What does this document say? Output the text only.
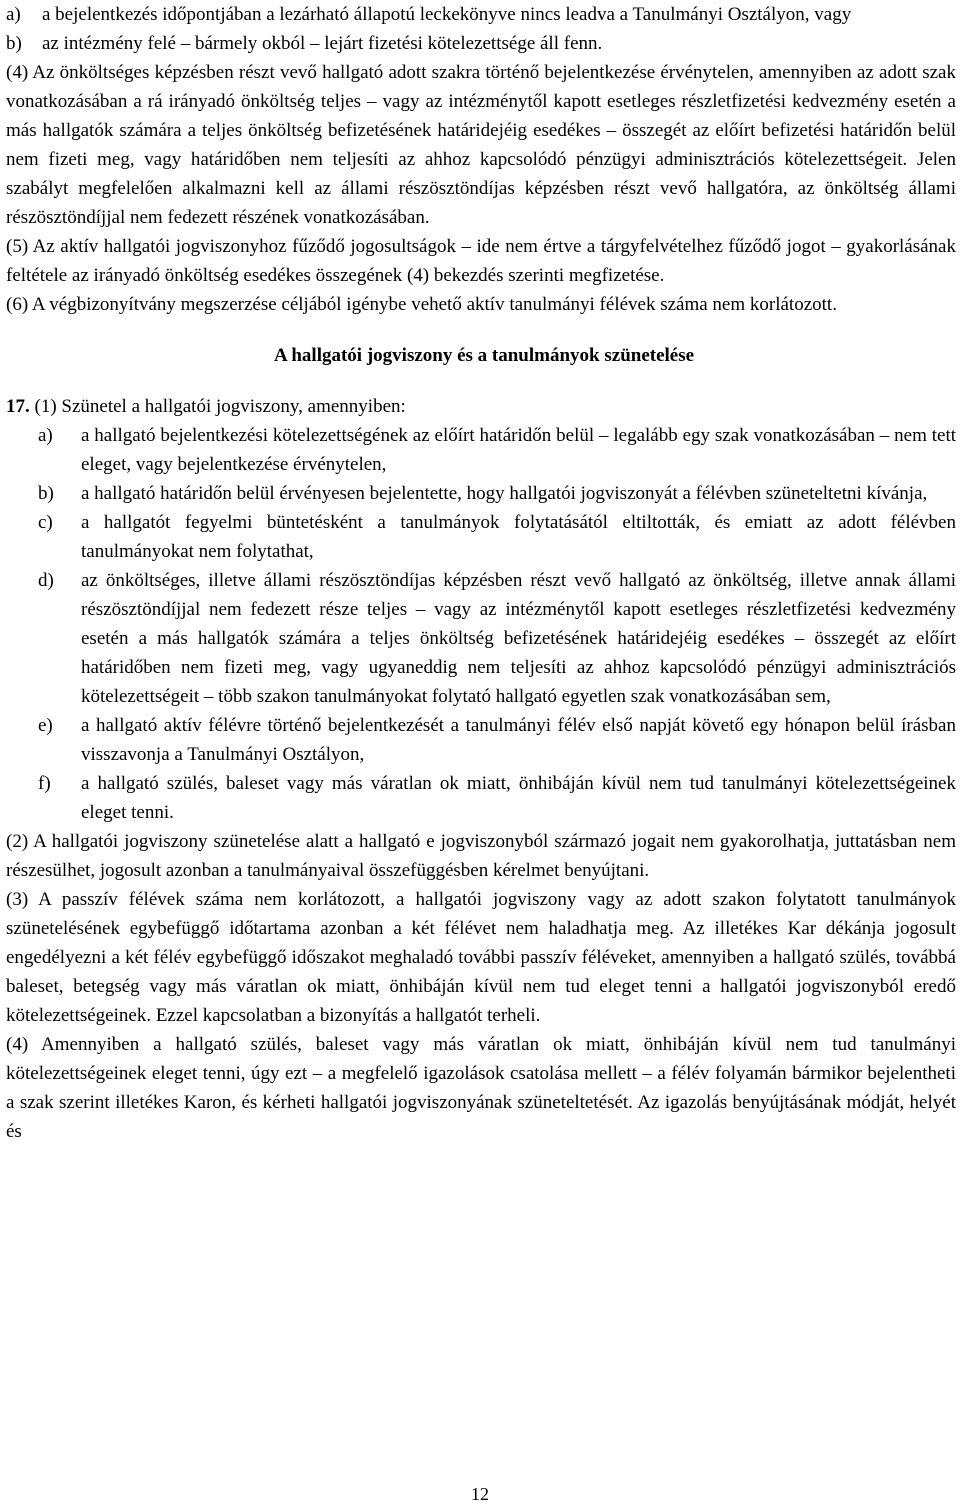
a)	a bejelentkezés időpontjában a lezárható állapotú leckekönyve nincs leadva a Tanulmányi Osztályon, vagy
b)	az intézmény felé – bármely okból – lejárt fizetési kötelezettsége áll fenn.

(4) Az önköltséges képzésben részt vevő hallgató adott szakra történő bejelentkezése érvénytelen, amennyiben az adott szak vonatkozásában a rá irányadó önköltség teljes – vagy az intézménytől kapott esetleges részletfizetési kedvezmény esetén a más hallgatók számára a teljes önköltség befizetésének határidejéig esedékes – összegét az előírt befizetési határidőn belül nem fizeti meg, vagy határidőben nem teljesíti az ahhoz kapcsolódó pénzügyi adminisztrációs kötelezettségeit. Jelen szabályt megfelelően alkalmazni kell az állami részösztöndíjas képzésben részt vevő hallgatóra, az önköltség állami részösztöndíjjal nem fedezett részének vonatkozásában.

(5) Az aktív hallgatói jogviszonyhoz fűződő jogosultságok – ide nem értve a tárgyfelvételhez fűződő jogot – gyakorlásának feltétele az irányadó önköltség esedékes összegének (4) bekezdés szerinti megfizetése.

(6) A végbizonyítvány megszerzése céljából igénybe vehető aktív tanulmányi félévek száma nem korlátozott.

A hallgatói jogviszony és a tanulmányok szünetelése

17. (1) Szünetel a hallgatói jogviszony, amennyiben:

a)	a hallgató bejelentkezési kötelezettségének az előírt határidőn belül – legalább egy szak vonatkozásában – nem tett eleget, vagy bejelentkezése érvénytelen,
b)	a hallgató határidőn belül érvényesen bejelentette, hogy hallgatói jogviszonyát a félévben szüneteltetni kívánja,
c)	a hallgatót fegyelmi büntetésként a tanulmányok folytatásától eltiltották, és emiatt az adott félévben tanulmányokat nem folytathat,
d)	az önköltséges, illetve állami részösztöndíjas képzésben részt vevő hallgató az önköltség, illetve annak állami részösztöndíjjal nem fedezett része teljes – vagy az intézménytől kapott esetleges részletfizetési kedvezmény esetén a más hallgatók számára a teljes önköltség befizetésének határidejéig esedékes – összegét az előírt határidőben nem fizeti meg, vagy ugyaneddig nem teljesíti az ahhoz kapcsolódó pénzügyi adminisztrációs kötelezettségeit – több szakon tanulmányokat folytató hallgató egyetlen szak vonatkozásában sem,
e)	a hallgató aktív félévre történő bejelentkezését a tanulmányi félév első napját követő egy hónapon belül írásban visszavonja a Tanulmányi Osztályon,
f)	a hallgató szülés, baleset vagy más váratlan ok miatt, önhibáján kívül nem tud tanulmányi kötelezettségeinek eleget tenni.

(2) A hallgatói jogviszony szünetelése alatt a hallgató e jogviszonyból származó jogait nem gyakorolhatja, juttatásban nem részesülhet, jogosult azonban a tanulmányaival összefüggésben kérelmet benyújtani.

(3) A passzív félévek száma nem korlátozott, a hallgatói jogviszony vagy az adott szakon folytatott tanulmányok szünetelésének egybefüggő időtartama azonban a két félévet nem haladhatja meg. Az illetékes Kar dékánja jogosult engedélyezni a két félév egybefüggő időszakot meghaladó további passzív féléveket, amennyiben a hallgató szülés, továbbá baleset, betegség vagy más váratlan ok miatt, önhibáján kívül nem tud eleget tenni a hallgatói jogviszonyból eredő kötelezettségeinek. Ezzel kapcsolatban a bizonyítás a hallgatót terheli.

(4) Amennyiben a hallgató szülés, baleset vagy más váratlan ok miatt, önhibáján kívül nem tud tanulmányi kötelezettségeinek eleget tenni, úgy ezt – a megfelelő igazolások csatolása mellett – a félév folyamán bármikor bejelentheti a szak szerint illetékes Karon, és kérheti hallgatói jogviszonyának szüneteltetését. Az igazolás benyújtásának módját, helyét és

12
